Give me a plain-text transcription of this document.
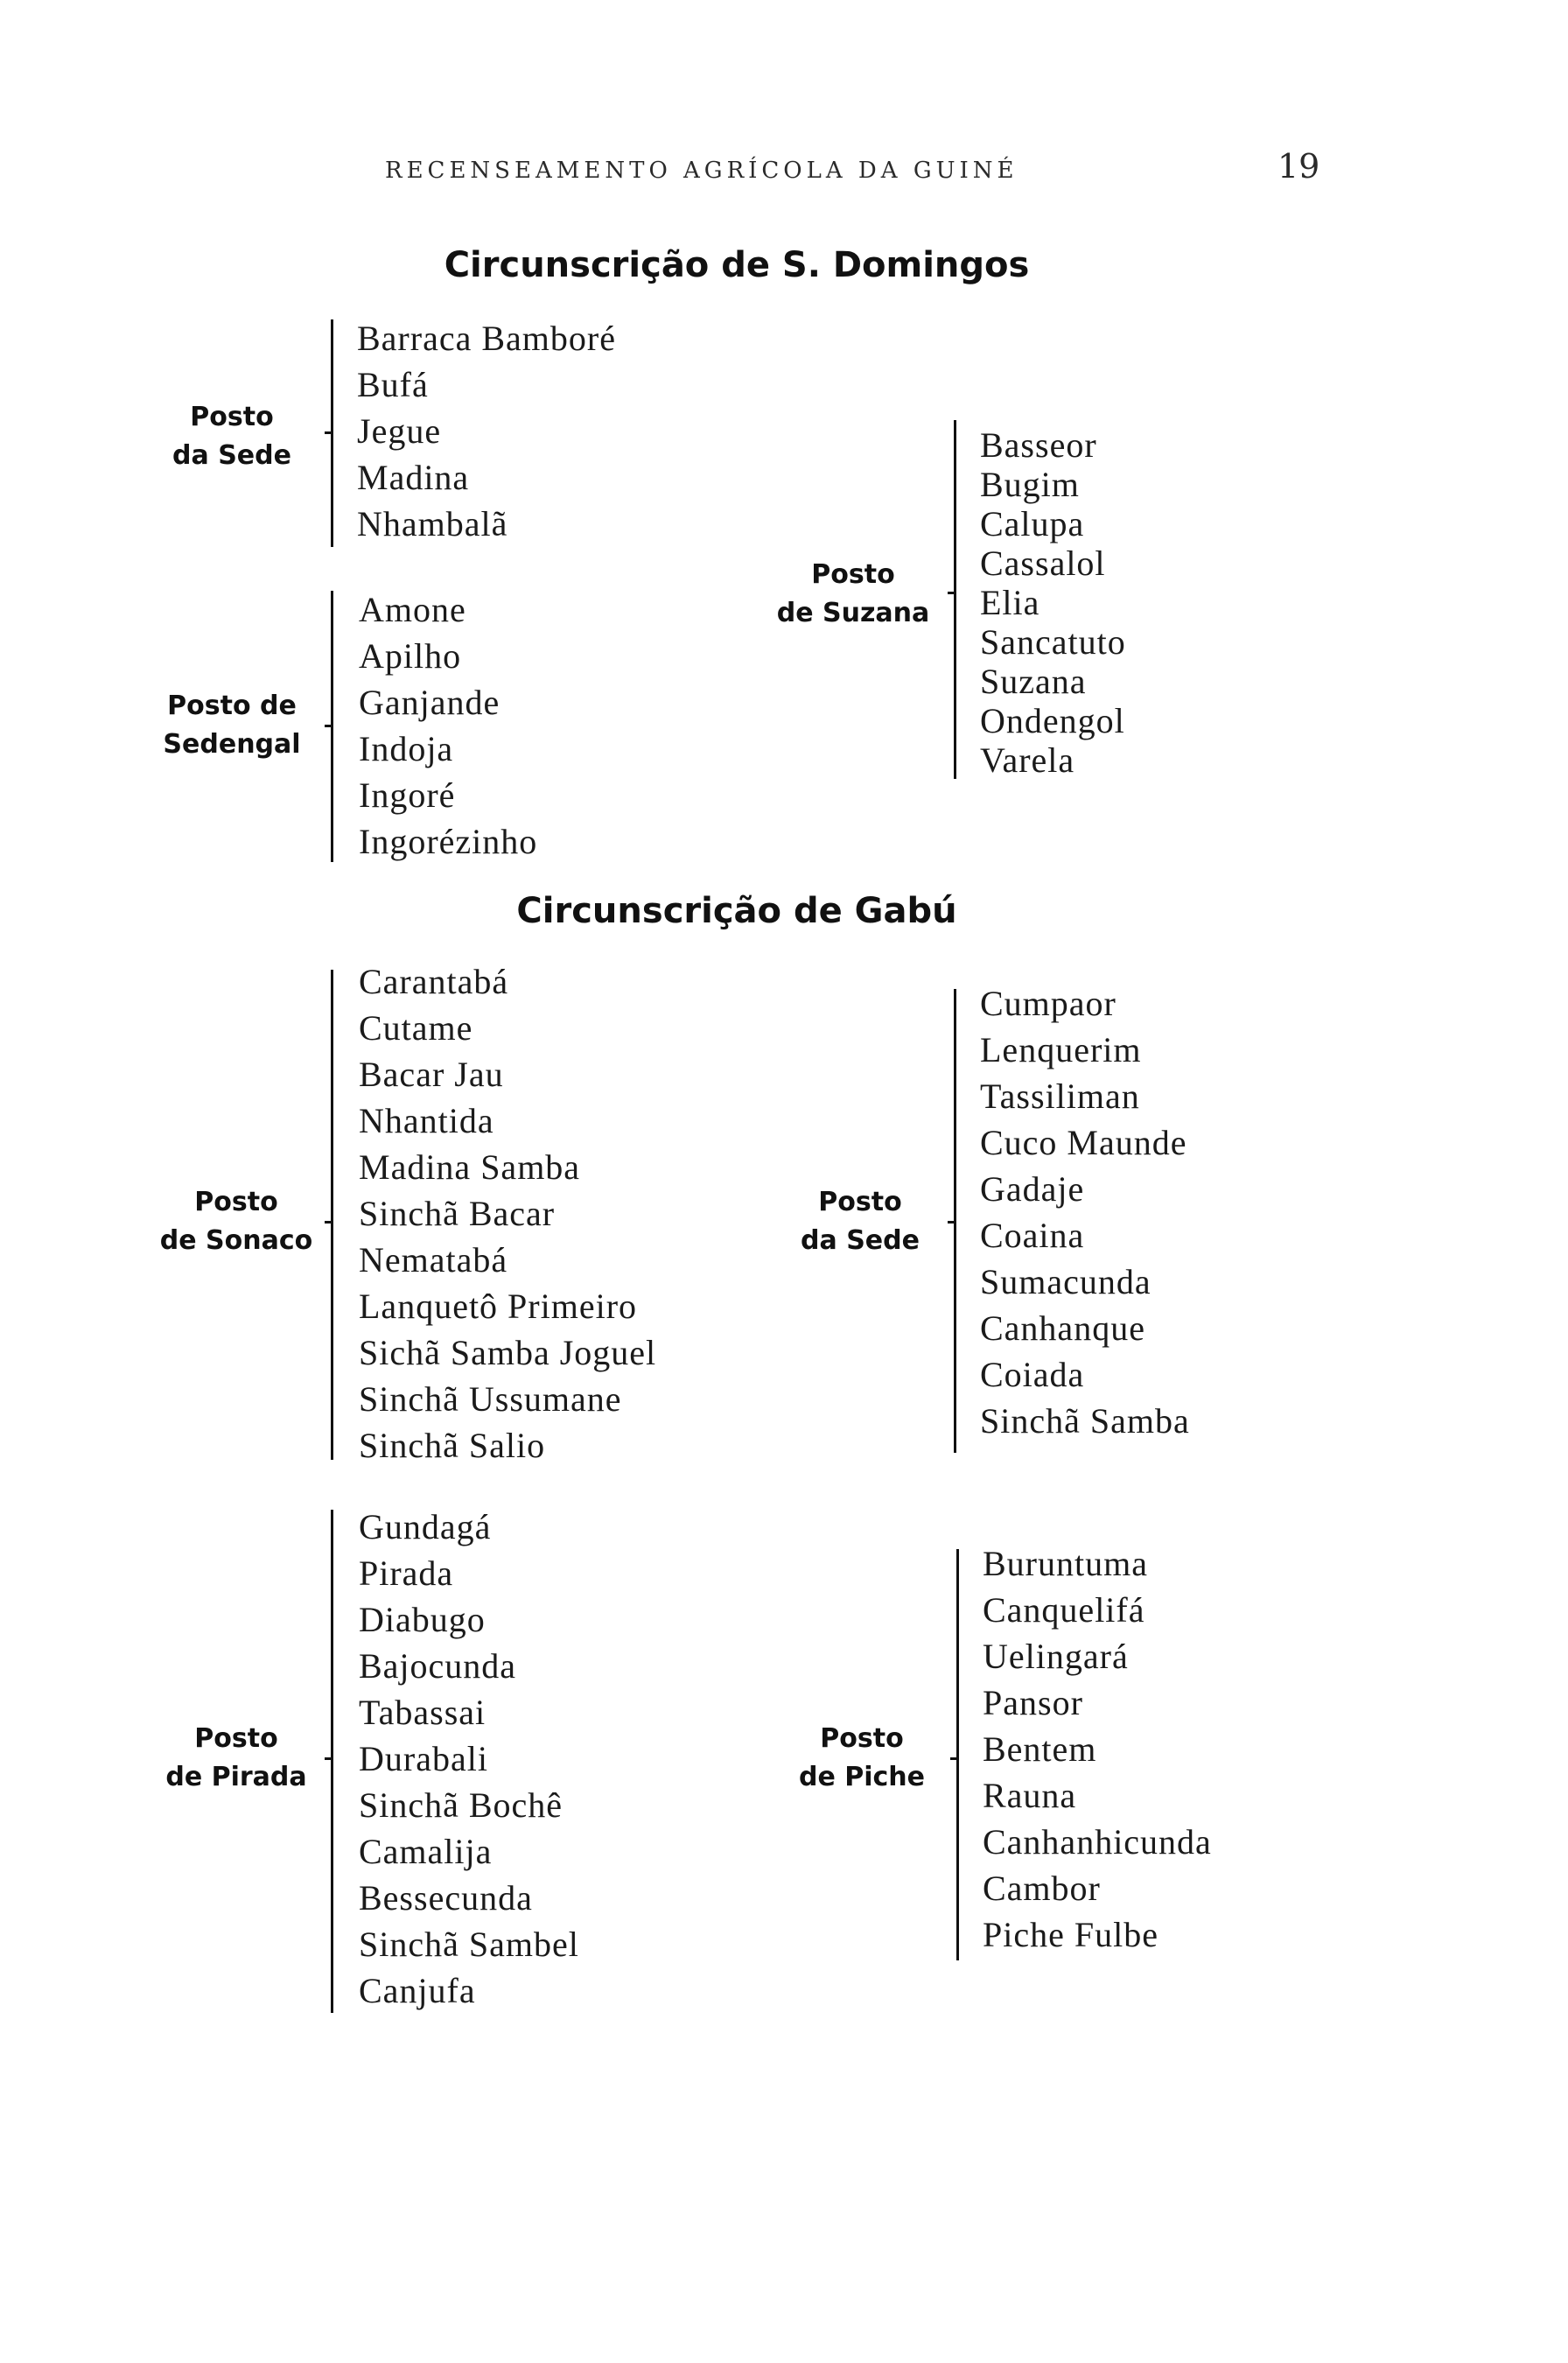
RECENSEAMENTO AGRÍCOLA DA GUINÉ	19
Circunscrição de S. Domingos
Posto
da Sede
Barraca Bamboré
Bufá
Jegue
Madina
Nhambalã
Posto de
Sedengal
Amone
Apilho
Ganjande
Indoja
Ingoré
Ingorézinho
Posto
de Suzana
Basseor
Bugim
Calupa
Cassalol
Elia
Sancatuto
Suzana
Ondengol
Varela
Circunscrição de Gabú
Posto
de Sonaco
Carantabá
Cutame
Bacar Jau
Nhantida
Madina Samba
Sinchã Bacar
Nematabá
Lanquetô Primeiro
Sichã Samba Joguel
Sinchã Ussumane
Sinchã Salio
Posto
da Sede
Cumpaor
Lenquerim
Tassiliman
Cuco Maunde
Gadaje
Coaina
Sumacunda
Canhanque
Coiada
Sinchã Samba
Posto
de Pirada
Gundagá
Pirada
Diabugo
Bajocunda
Tabassai
Durabali
Sinchã Bochê
Camalija
Bessecunda
Sinchã Sambel
Canjufa
Posto
de Piche
Buruntuma
Canquelifá
Uelingará
Pansor
Bentem
Rauna
Canhanhicunda
Cambor
Piche Fulbe
